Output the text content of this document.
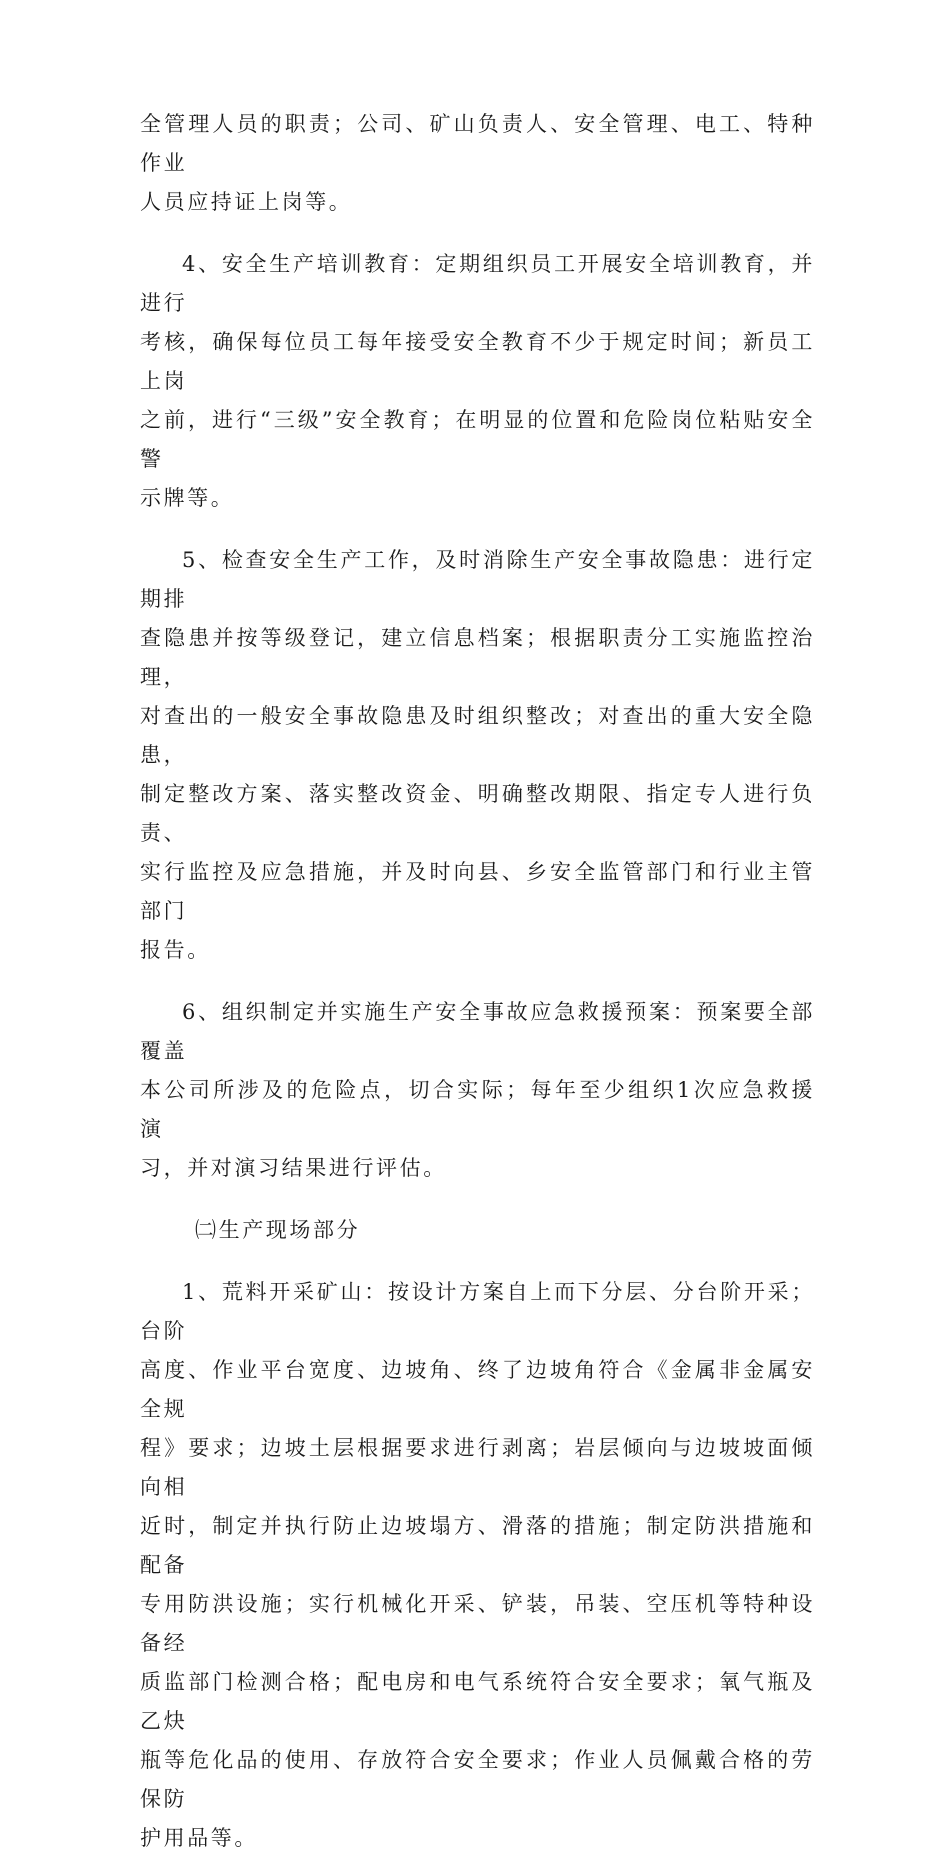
全管理人员的职责；公司、矿山负责人、安全管理、电工、特种作业
人员应持证上岗等。

4、安全生产培训教育：定期组织员工开展安全培训教育，并进行
考核，确保每位员工每年接受安全教育不少于规定时间；新员工上岗
之前，进行“三级”安全教育；在明显的位置和危险岗位粘贴安全警
示牌等。

5、检查安全生产工作，及时消除生产安全事故隐患：进行定期排
查隐患并按等级登记，建立信息档案；根据职责分工实施监控治理，
对查出的一般安全事故隐患及时组织整改；对查出的重大安全隐患，
制定整改方案、落实整改资金、明确整改期限、指定专人进行负责、
实行监控及应急措施，并及时向县、乡安全监管部门和行业主管部门
报告。

6、组织制定并实施生产安全事故应急救援预案：预案要全部覆盖
本公司所涉及的危险点，切合实际；每年至少组织1次应急救援演
习，并对演习结果进行评估。

㈡生产现场部分

1、荒料开采矿山：按设计方案自上而下分层、分台阶开采；台阶
高度、作业平台宽度、边坡角、终了边坡角符合《金属非金属安全规
程》要求；边坡土层根据要求进行剥离；岩层倾向与边坡坡面倾向相
近时，制定并执行防止边坡塌方、滑落的措施；制定防洪措施和配备
专用防洪设施；实行机械化开采、铲装，吊装、空压机等特种设备经
质监部门检测合格；配电房和电气系统符合安全要求；氧气瓶及乙炔
瓶等危化品的使用、存放符合安全要求；作业人员佩戴合格的劳保防
护用品等。
